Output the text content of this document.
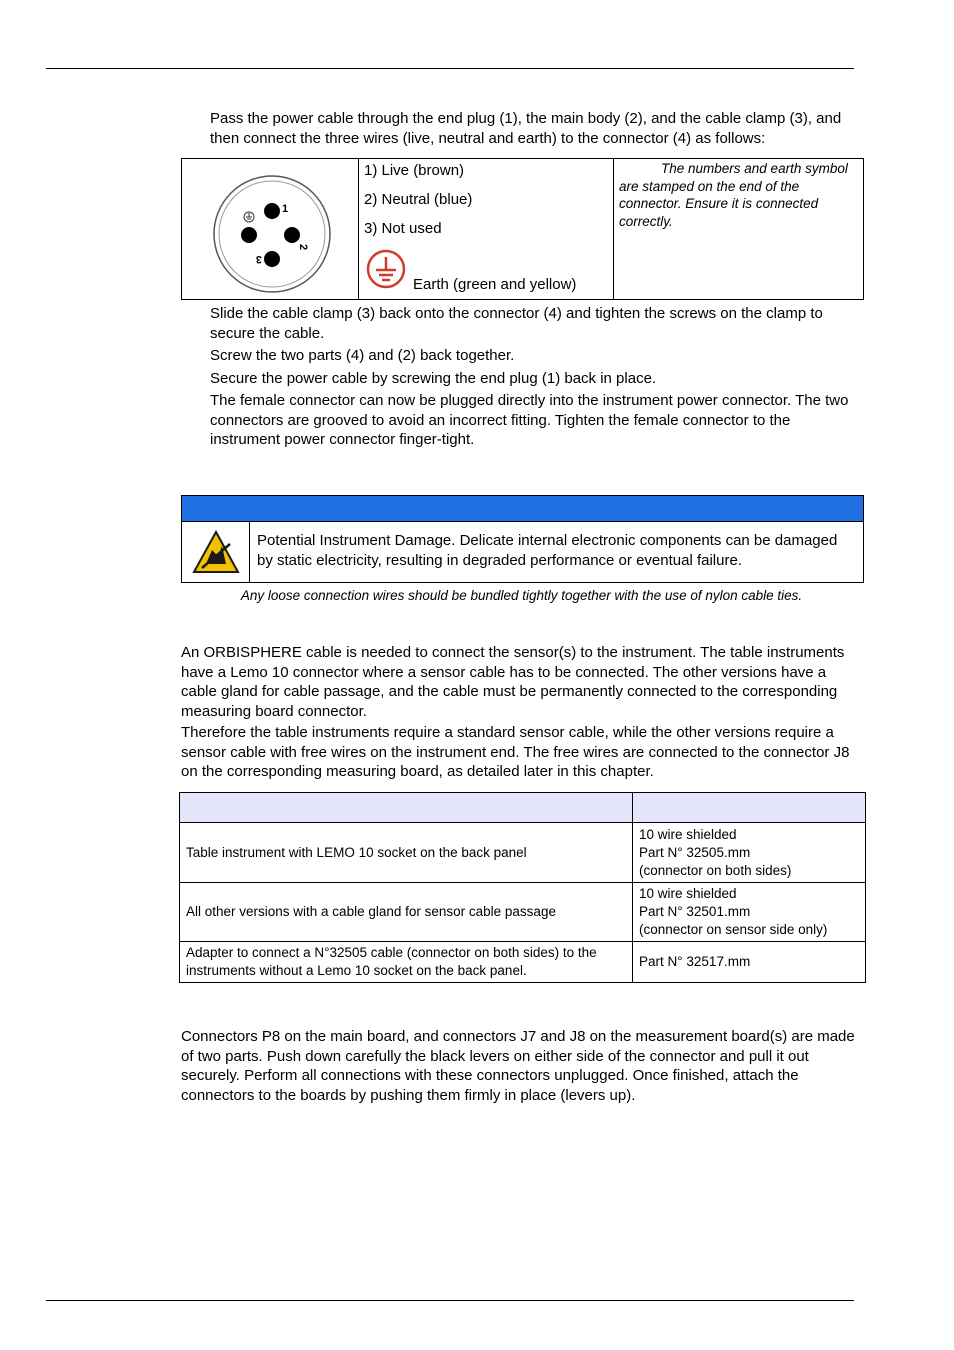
Pass the power cable through the end plug (1), the main body (2), and the cable clamp (3), and then connect the three wires (live, neutral and earth) to the connector (4) as follows:

1
2
3

1) Live (brown)

2) Neutral (blue)

3) Not used

Earth (green and yellow)

The numbers and earth symbol are stamped on the end of the connector. Ensure it is connected correctly.

Slide the cable clamp (3) back onto the connector (4) and tighten the screws on the clamp to secure the cable.

Screw the two parts (4) and (2) back together.

Secure the power cable by screwing the end plug (1) back in place.

The female connector can now be plugged directly into the instrument power connector. The two connectors are grooved to avoid an incorrect fitting. Tighten the female connector to the instrument power connector finger-tight.

Potential Instrument Damage. Delicate internal electronic components can be damaged by static electricity, resulting in degraded performance or eventual failure.

Any loose connection wires should be bundled tightly together with the use of nylon cable ties.

An ORBISPHERE cable is needed to connect the sensor(s) to the instrument. The table instruments have a Lemo 10 connector where a sensor cable has to be connected. The other versions have a cable gland for cable passage, and the cable must be permanently connected to the corresponding measuring board connector.

Therefore the table instruments require a standard sensor cable, while the other versions require a sensor cable with free wires on the instrument end. The free wires are connected to the connector J8 on the corresponding measuring board, as detailed later in this chapter.

Table instrument with LEMO 10 socket on the back panel	10 wire shielded
Part N° 32505.mm
(connector on both sides)

All other versions with a cable gland for sensor cable passage	10 wire shielded
Part N° 32501.mm
(connector on sensor side only)

Adapter to connect a N°32505 cable (connector on both sides) to the instruments without a Lemo 10 socket on the back panel.	Part N° 32517.mm

Connectors P8 on the main board, and connectors J7 and J8 on the measurement board(s) are made of two parts. Push down carefully the black levers on either side of the connector and pull it out securely. Perform all connections with these connectors unplugged. Once finished, attach the connectors to the boards by pushing them firmly in place (levers up).
